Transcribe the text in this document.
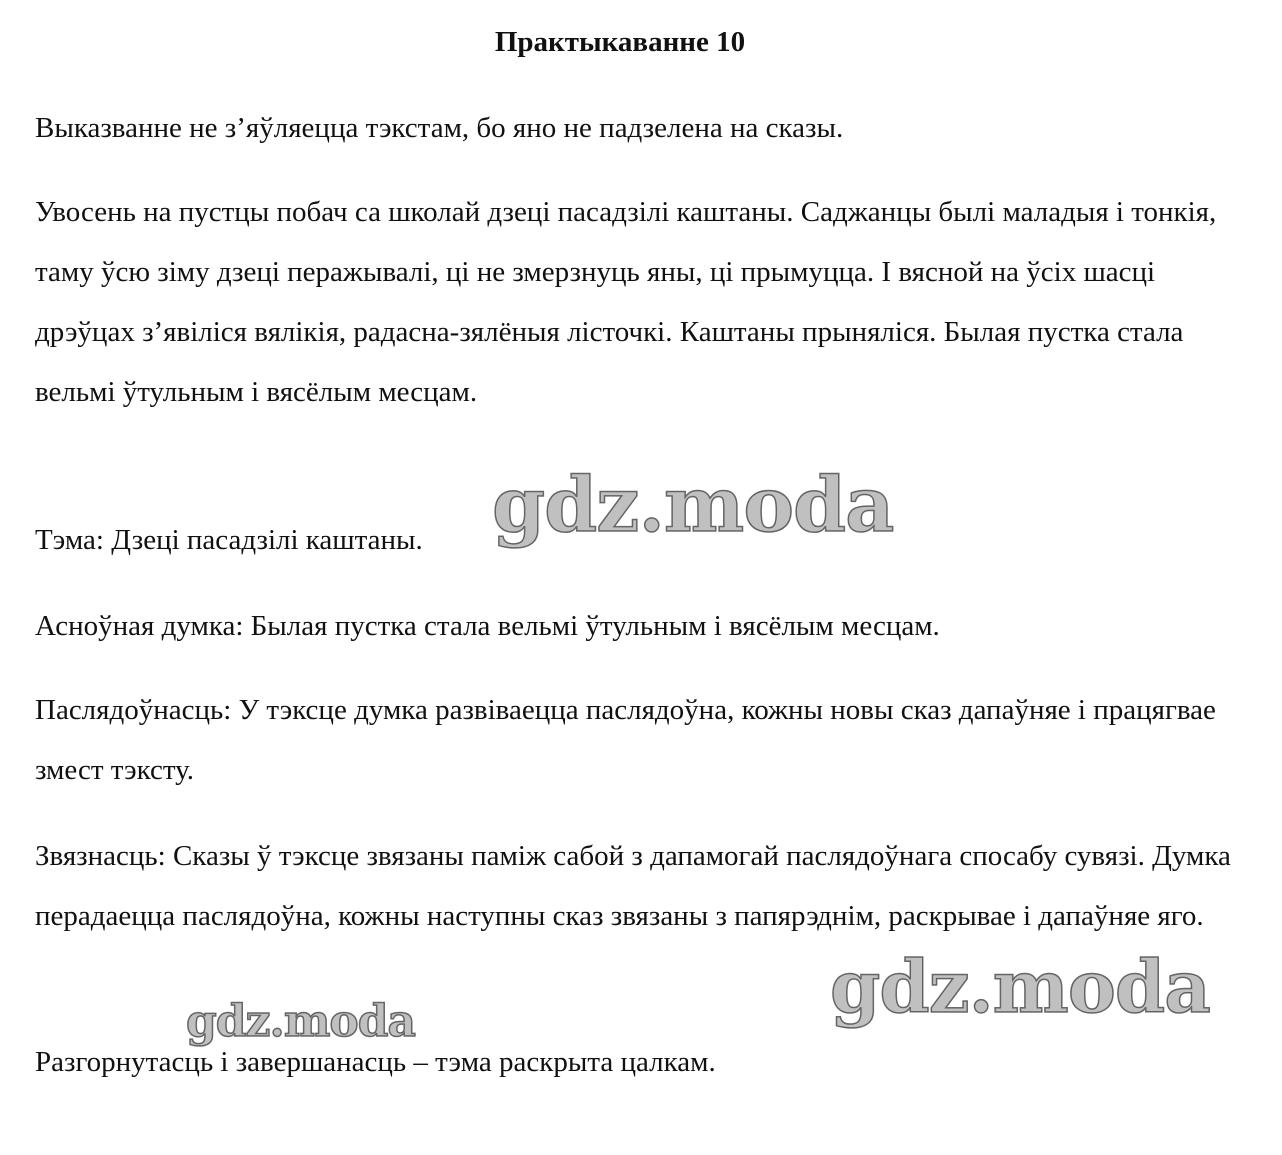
Практыкаванне 10

Выказванне не з’яўляецца тэкстам, бо яно не падзелена на сказы.

Увосень на пустцы побач са школай дзеці пасадзілі каштаны. Саджанцы былі маладыя і тонкія, таму ўсю зіму дзеці перажывалі, ці не змерзнуць яны, ці прымуцца. І вясной на ўсіх шасці дрэўцах з’явіліся вялікія, радасна-зялёныя лісточкі. Каштаны прыняліся. Былая пустка стала вельмі ўтульным і вясёлым месцам.

Тэма: Дзеці пасадзілі каштаны.

Асноўная думка: Былая пустка стала вельмі ўтульным і вясёлым месцам.

Паслядоўнасць: У тэксце думка развіваецца паслядоўна, кожны новы сказ дапаўняе і працягвае змест тэксту.

Звязнасць: Сказы ў тэксце звязаны паміж сабой з дапамогай паслядоўнага спосабу сувязі. Думка перадаецца паслядоўна, кожны наступны сказ звязаны з папярэднім, раскрывае і дапаўняе яго.

Разгорнутасць і завершанасць – тэма раскрыта цалкам.

gdz.moda
gdz.moda
gdz.moda
